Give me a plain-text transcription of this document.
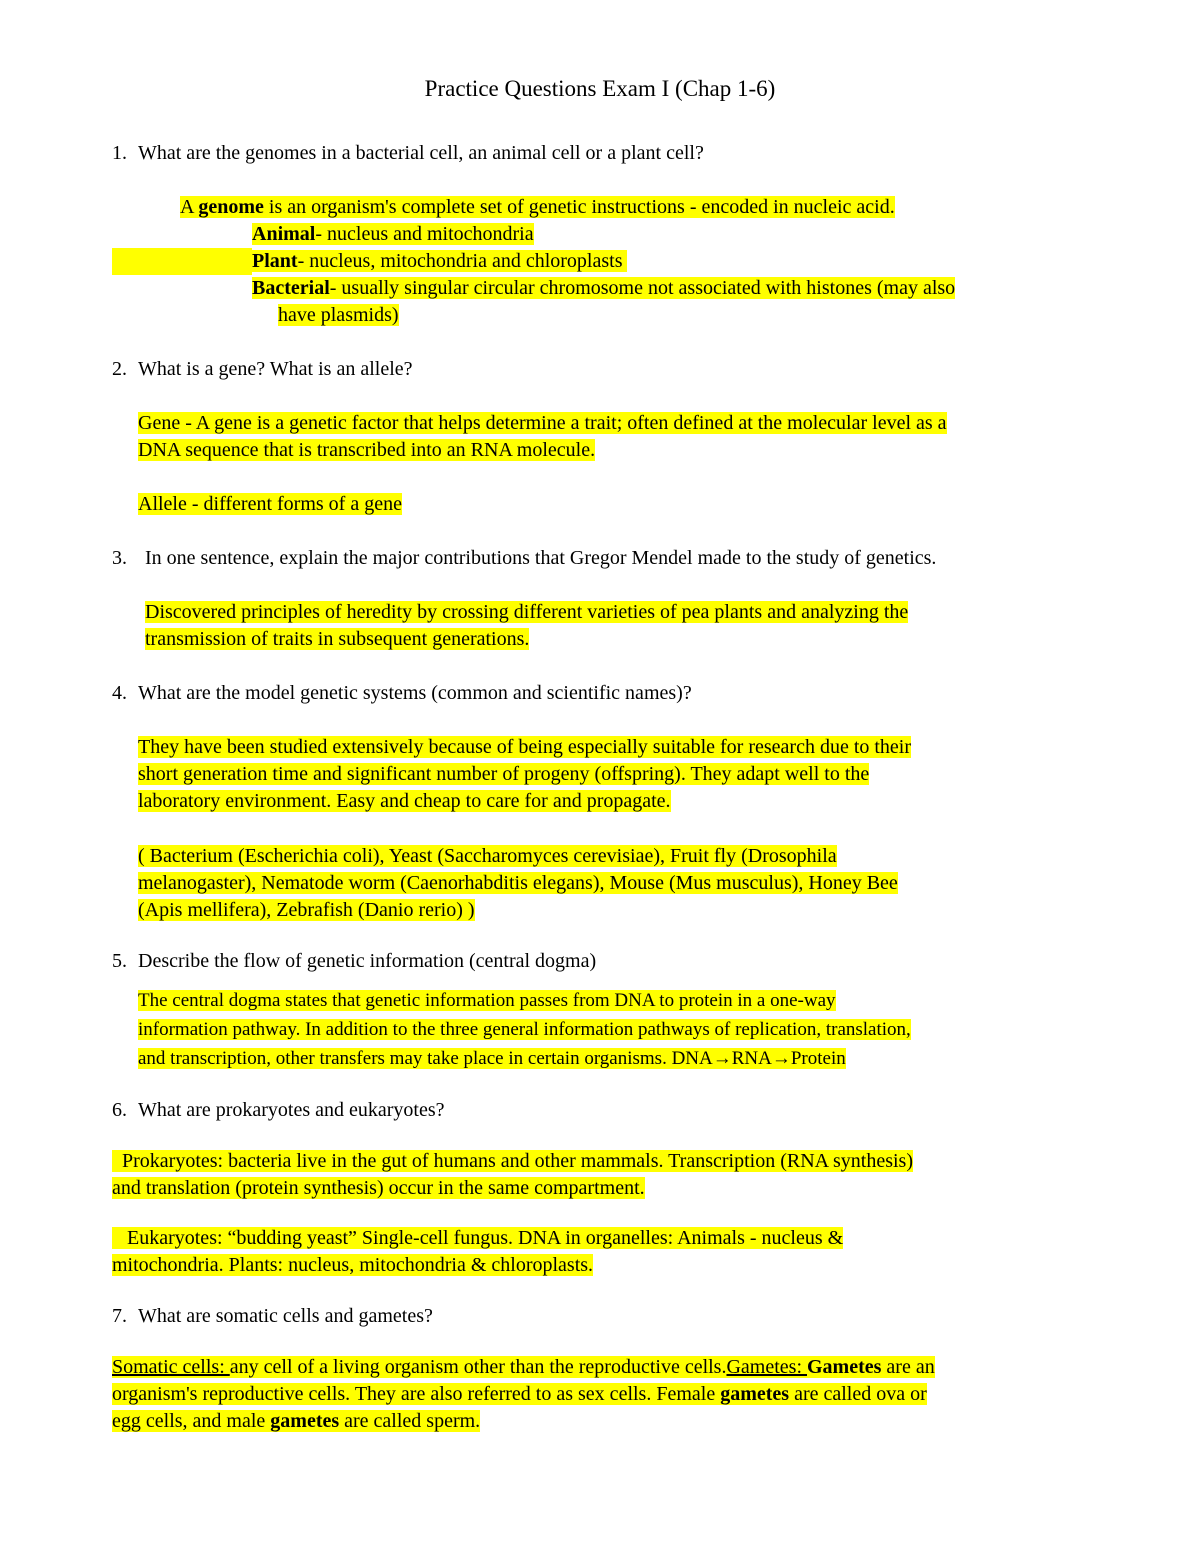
Practice Questions Exam I (Chap 1-6)
1. What are the genomes in a bacterial cell, an animal cell or a plant cell?
A genome is an organism's complete set of genetic instructions - encoded in nucleic acid.
Animal- nucleus and mitochondria
Plant- nucleus, mitochondria and chloroplasts
Bacterial- usually singular circular chromosome not associated with histones (may also
have plasmids)
2. What is a gene? What is an allele?
Gene - A gene is a genetic factor that helps determine a trait; often defined at the molecular level as a
DNA sequence that is transcribed into an RNA molecule.
Allele - different forms of a gene
3. In one sentence, explain the major contributions that Gregor Mendel made to the study of genetics.
Discovered principles of heredity by crossing different varieties of pea plants and analyzing the
transmission of traits in subsequent generations.
4. What are the model genetic systems (common and scientific names)?
They have been studied extensively because of being especially suitable for research due to their
short generation time and significant number of progeny (offspring). They adapt well to the
laboratory environment. Easy and cheap to care for and propagate.
( Bacterium (Escherichia coli), Yeast (Saccharomyces cerevisiae), Fruit fly (Drosophila
melanogaster), Nematode worm (Caenorhabditis elegans), Mouse (Mus musculus), Honey Bee
(Apis mellifera), Zebrafish (Danio rerio) )
5. Describe the flow of genetic information (central dogma)
The central dogma states that genetic information passes from DNA to protein in a one-way
information pathway. In addition to the three general information pathways of replication, translation,
and transcription, other transfers may take place in certain organisms. DNA→RNA→Protein
6. What are prokaryotes and eukaryotes?
Prokaryotes: bacteria live in the gut of humans and other mammals. Transcription (RNA synthesis)
and translation (protein synthesis) occur in the same compartment.
Eukaryotes: “budding yeast” Single-cell fungus. DNA in organelles: Animals - nucleus &
mitochondria. Plants: nucleus, mitochondria & chloroplasts.
7. What are somatic cells and gametes?
Somatic cells: any cell of a living organism other than the reproductive cells.Gametes: Gametes are an
organism's reproductive cells. They are also referred to as sex cells. Female gametes are called ova or
egg cells, and male gametes are called sperm.
